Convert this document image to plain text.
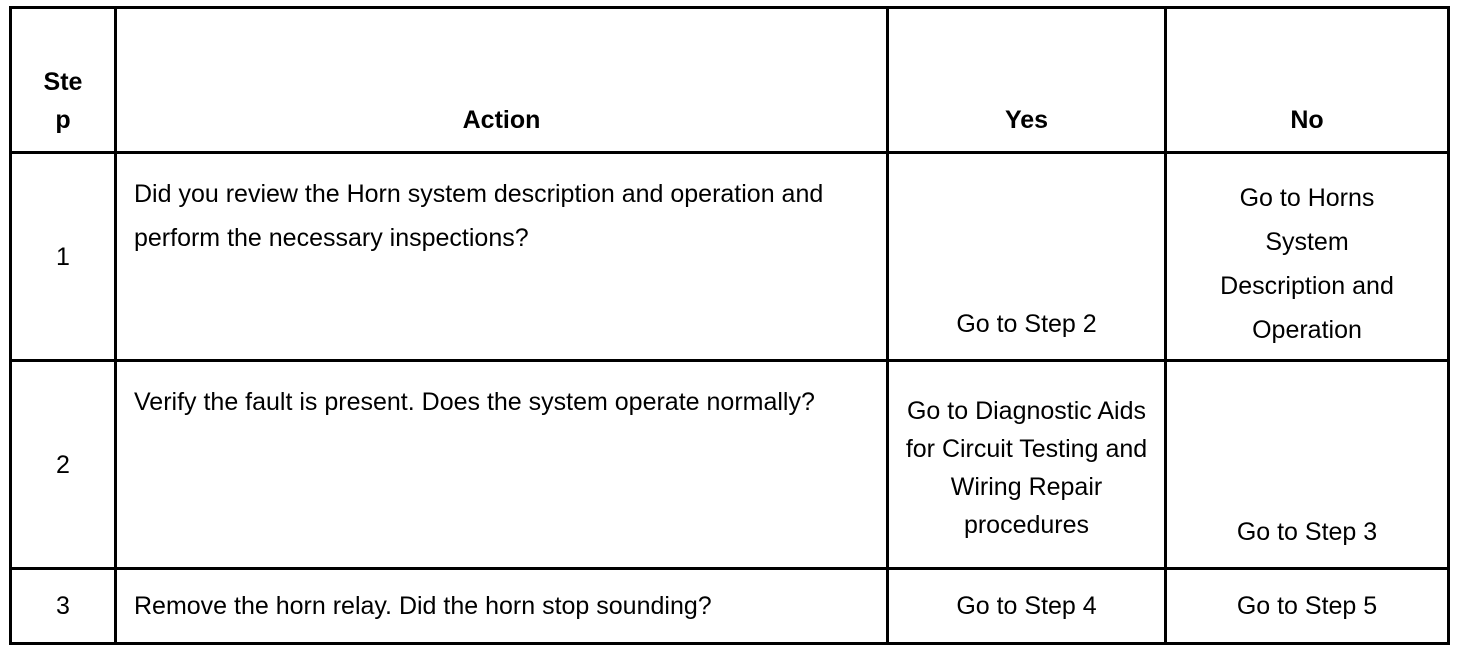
Step	Action	Yes	No

1	Did you review the Horn system description and operation and perform the necessary inspections?	Go to Step 2	Go to Horns System Description and Operation

2	Verify the fault is present. Does the system operate normally?	Go to Diagnostic Aids for Circuit Testing and Wiring Repair procedures	Go to Step 3

3	Remove the horn relay. Did the horn stop sounding?	Go to Step 4	Go to Step 5
